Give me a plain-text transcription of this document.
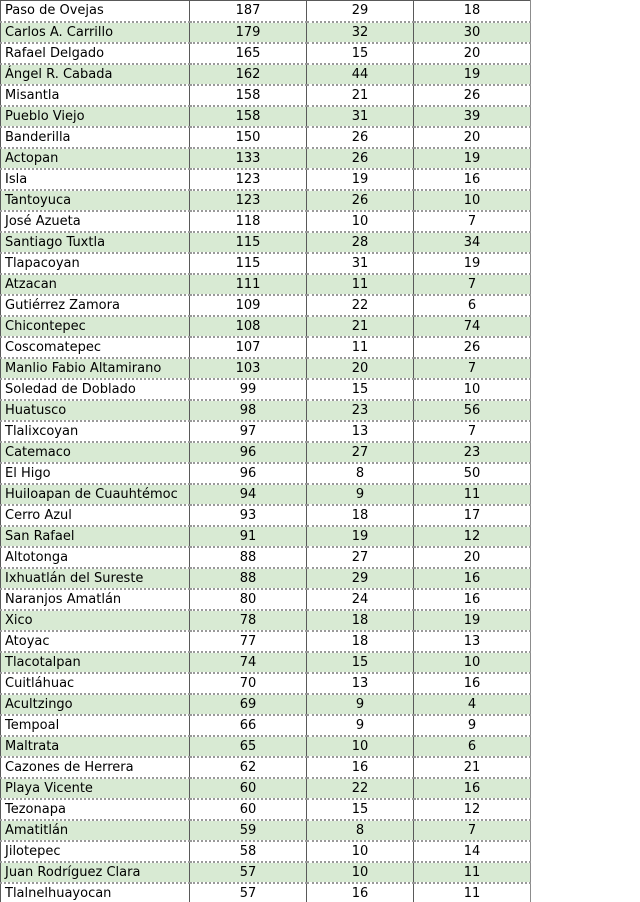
Paso de Ovejas	187	29	18
Carlos A. Carrillo	179	32	30
Rafael Delgado	165	15	20
Ángel R. Cabada	162	44	19
Misantla	158	21	26
Pueblo Viejo	158	31	39
Banderilla	150	26	20
Actopan	133	26	19
Isla	123	19	16
Tantoyuca	123	26	10
José Azueta	118	10	7
Santiago Tuxtla	115	28	34
Tlapacoyan	115	31	19
Atzacan	111	11	7
Gutiérrez Zamora	109	22	6
Chicontepec	108	21	74
Coscomatepec	107	11	26
Manlio Fabio Altamirano	103	20	7
Soledad de Doblado	99	15	10
Huatusco	98	23	56
Tlalixcoyan	97	13	7
Catemaco	96	27	23
El Higo	96	8	50
Huiloapan de Cuauhtémoc	94	9	11
Cerro Azul	93	18	17
San Rafael	91	19	12
Altotonga	88	27	20
Ixhuatlán del Sureste	88	29	16
Naranjos Amatlán	80	24	16
Xico	78	18	19
Atoyac	77	18	13
Tlacotalpan	74	15	10
Cuitláhuac	70	13	16
Acultzingo	69	9	4
Tempoal	66	9	9
Maltrata	65	10	6
Cazones de Herrera	62	16	21
Playa Vicente	60	22	16
Tezonapa	60	15	12
Amatitlán	59	8	7
Jilotepec	58	10	14
Juan Rodríguez Clara	57	10	11
Tlalnelhuayocan	57	16	11
